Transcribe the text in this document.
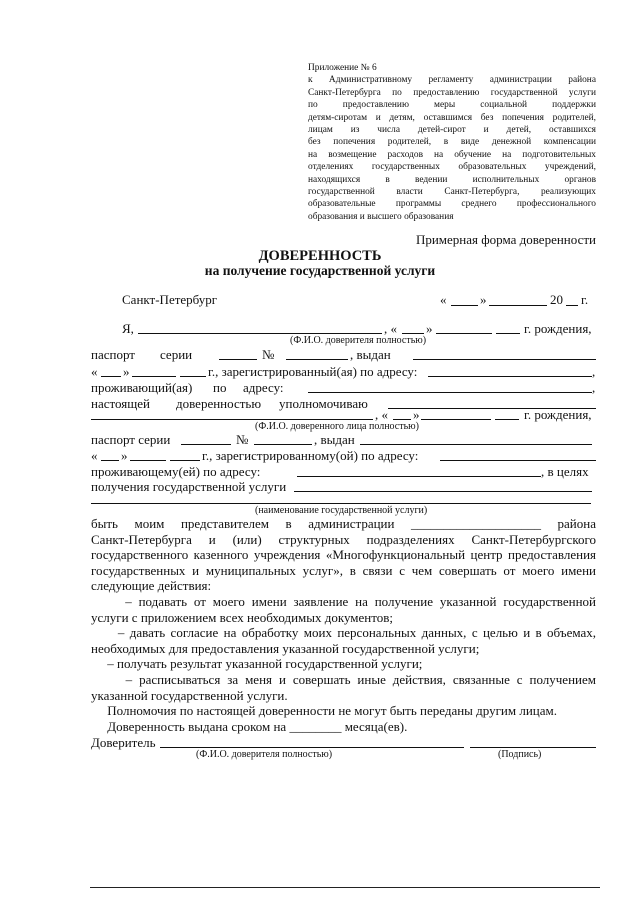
Приложение № 6
к Административному регламенту администрации района
Санкт-Петербурга по предоставлению государственной услуги
по предоставлению меры социальной поддержки
детям-сиротам и детям, оставшимся без попечения родителей,
лицам из числа детей-сирот и детей, оставшихся
без попечения родителей, в виде денежной компенсации
на возмещение расходов на обучение на подготовительных
отделениях государственных образовательных учреждений,
находящихся в ведении исполнительных органов
государственной власти Санкт-Петербурга, реализующих
образовательные программы среднего профессионального
образования и высшего образования
Примерная форма доверенности
ДОВЕРЕННОСТЬ
на получение государственной услуги
Санкт-Петербург	«	»	20 г.
Я,	, « »	г. рождения,
(Ф.И.О. доверителя полностью)
паспорт серии	№	, выдан
« »	г., зарегистрированный(ая) по адресу:	,
проживающий(ая) по адресу:	,
настоящей доверенностью уполномочиваю
, « »	г. рождения,
(Ф.И.О. доверенного лица полностью)
паспорт серии	№	, выдан
« »	г., зарегистрированному(ой) по адресу:
проживающему(ей) по адресу:	, в целях
получения государственной услуги
(наименование государственной услуги)
быть моим представителем в администрации ____________________ района
Санкт-Петербурга и (или) структурных подразделениях Санкт-Петербургского
государственного казенного учреждения «Многофункциональный центр предоставления
государственных и муниципальных услуг», в связи с чем совершать от моего имени
следующие действия:
– подавать от моего имени заявление на получение указанной государственной
услуги с приложением всех необходимых документов;
– давать согласие на обработку моих персональных данных, с целью и в объемах,
необходимых для предоставления указанной государственной услуги;
– получать результат указанной государственной услуги;
– расписываться за меня и совершать иные действия, связанные с получением
указанной государственной услуги.
Полномочия по настоящей доверенности не могут быть переданы другим лицам.
Доверенность выдана сроком на ________ месяца(ев).
Доверитель
(Ф.И.О. доверителя полностью)	(Подпись)
